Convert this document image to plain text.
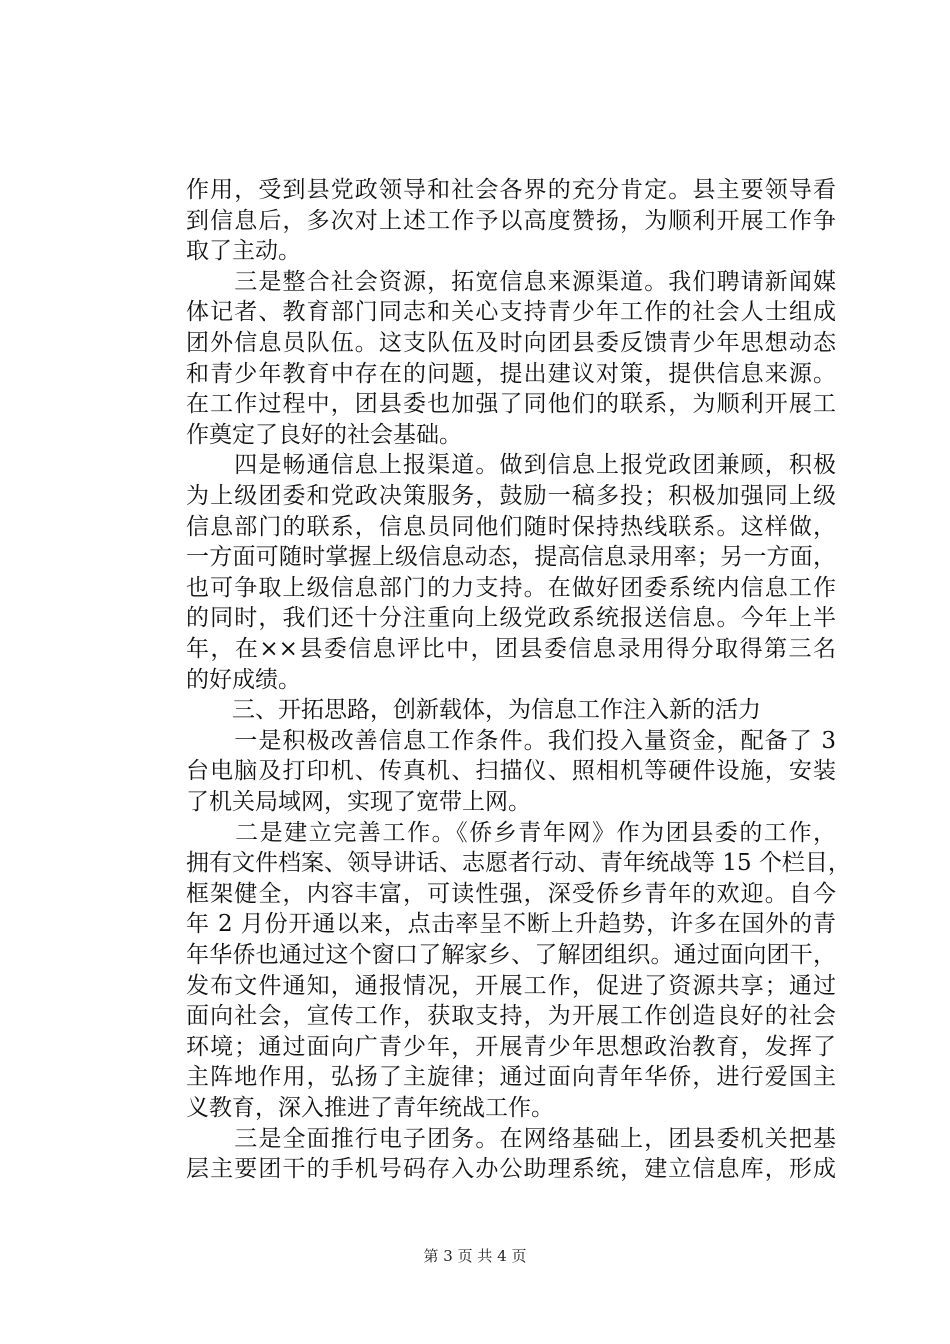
作用，受到县党政领导和社会各界的充分肯定。县主要领导看
到信息后，多次对上述工作予以高度赞扬，为顺利开展工作争
取了主动。
　　三是整合社会资源，拓宽信息来源渠道。我们聘请新闻媒
体记者、教育部门同志和关心支持青少年工作的社会人士组成
团外信息员队伍。这支队伍及时向团县委反馈青少年思想动态
和青少年教育中存在的问题，提出建议对策，提供信息来源。
在工作过程中，团县委也加强了同他们的联系，为顺利开展工
作奠定了良好的社会基础。
　　四是畅通信息上报渠道。做到信息上报党政团兼顾，积极
为上级团委和党政决策服务，鼓励一稿多投；积极加强同上级
信息部门的联系，信息员同他们随时保持热线联系。这样做，
一方面可随时掌握上级信息动态，提高信息录用率；另一方面，
也可争取上级信息部门的力支持。在做好团委系统内信息工作
的同时，我们还十分注重向上级党政系统报送信息。今年上半
年，在××县委信息评比中，团县委信息录用得分取得第三名
的好成绩。
　　三、开拓思路，创新载体，为信息工作注入新的活力
　　一是积极改善信息工作条件。我们投入量资金，配备了 3
台电脑及打印机、传真机、扫描仪、照相机等硬件设施，安装
了机关局域网，实现了宽带上网。
　　二是建立完善工作。《侨乡青年网》作为团县委的工作，
拥有文件档案、领导讲话、志愿者行动、青年统战等 15 个栏目，
框架健全，内容丰富，可读性强，深受侨乡青年的欢迎。自今
年 2 月份开通以来，点击率呈不断上升趋势，许多在国外的青
年华侨也通过这个窗口了解家乡、了解团组织。通过面向团干，
发布文件通知，通报情况，开展工作，促进了资源共享；通过
面向社会，宣传工作，获取支持，为开展工作创造良好的社会
环境；通过面向广青少年，开展青少年思想政治教育，发挥了
主阵地作用，弘扬了主旋律；通过面向青年华侨，进行爱国主
义教育，深入推进了青年统战工作。
　　三是全面推行电子团务。在网络基础上，团县委机关把基
层主要团干的手机号码存入办公助理系统，建立信息库，形成
第 3 页 共 4 页
